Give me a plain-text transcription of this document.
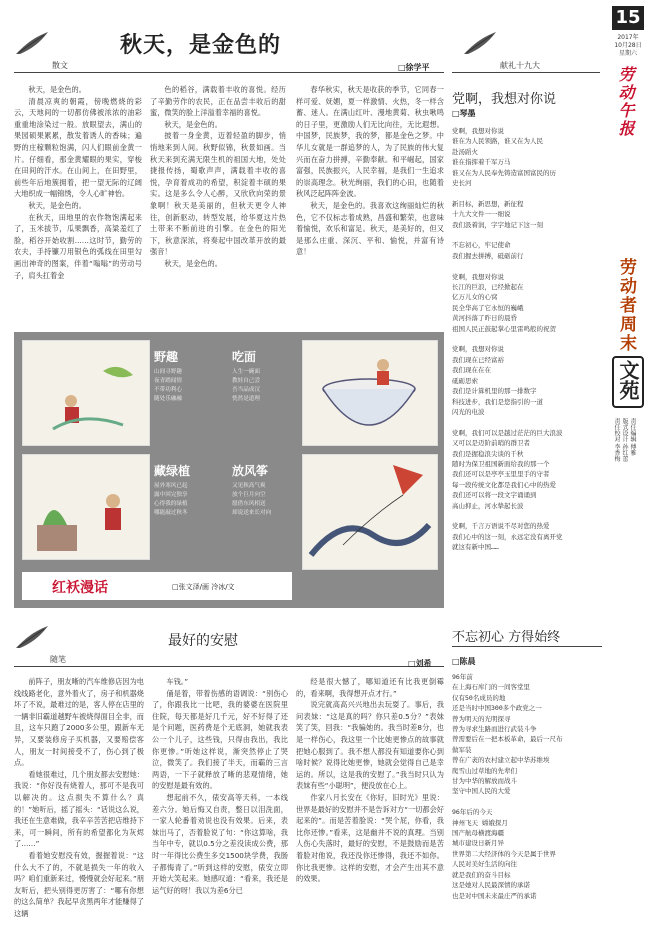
散文
秋天，是金色的
□徐学平	献礼十九大

秋天，是金色的。

清晨凉爽的朝霞，傍晚燃烧的彩云，天地间的一切都仿佛被浓浓的油彩重重地涂染过一般。放眼望去，满山的果园硕果累累，散发着诱人的香味；遍野的庄稼颗粒饱满，闪人们眼前金黄一片。仔细看，那金黄耀眼的果实，穿梭在田间的汗水。在山间上，在田野里，前些年后地簇拥着，把一望无际的辽阔大地织成一幅锦绣，令人心旷神怡。

秋天，是金色的。

在秋天，田地里的农作物饱满起来了，玉米拔节，瓜果飘香，高粱羞红了脸，稻谷开始收割……这时节，勤劳的农夫，手持镰刀用银色的弧线在田里勾画出神奇的图案，伴着“嗡嗡”的劳动号子，肩头扛着金

色的稻谷，满载着丰收的喜悦。经历了辛勤劳作的农民，正在品尝丰收后的甜蜜，微笑的脸上洋溢着幸福的喜悦。

秋天，是金色的。

披着一身金黄，迈着轻盈的脚步，悄悄地来到人间。秋野似锦，秋景如画。当秋天来到充满无限生机的祖国大地，处处捷报传扬，蜀歌声声，满载着丰收的喜悦，孕育着成功的希望，积淀着丰硕的果实。这是多么令人心醉，又欣欣向荣的景象啊！秋天是美丽的，但秋天更令人神往，创新驱动，转型发展，给华夏这片热土带来不断前进的引擎。在金色的阳光下，秋意深浓，将奏起中国改革开放的最强音！

秋天，是金色的。

春华秋实，秋天是收获的季节，它同春一样可爱、妩媚，夏一样激情、火热，冬一样含蓄、迷人。在满山红叶、漫地黄菊、秋虫啾鸣的日子里，更激励人们无比向往，无比遐想。中国梦，民族梦，我的梦，都是金色之梦。中华儿女就是一群追梦的人，为了民族的伟大复兴而在奋力拼搏，辛勤奉献。和平崛起，国家富强，民族振兴，人民幸福，是我们一生追求的崇高理念。秋光绚丽，我们的心田，也随着秋风泛起阵阵金波。

秋天，是金色的。我喜欢这绚丽灿烂的秋色，它不仅标志着成熟，昌盛和繁荣，也意味着愉悦，欢乐和富足。秋天，是美好的，但又是那么庄重、深沉、平和、愉悦，并富有诗意！

党啊，我想对你说
□琴墨
党啊，我想对你说
谁在为人民领路，谁又在为人民
赴汤蹈火
谁在指挥着千军万马
谁又在为人民奉先铸造富国富民的历
史长河
新目标，新思想，新征程
十九大文件一一细说
我们汲着润，字字地记下这一刻
不忘初心，牢记使命
我们握去拼搏，砥砺前行
党啊，我想对你说
长江的巨浪，已经掀起在
亿万儿女的心窝
民全华高了它永恒的巍峨
黄河抖落了昨日的晨昏
祖国人民正鼓起掌心里雷鸣般的祝贺
党啊，我想对你说
我们现在已经富裕
我们现在在在
砥砺思索
我们是计算机里的那一排数字
科技进步，我们是您指引的一道
闪光的电波
党啊，我们可以是越过茫茫的巨大浪波
又可以是迈阶前哨的群卫者
我们是握稳浪尖谈的千秋
随时为保卫祖国新面给我的那一个
我们还可以是亭亭玉里里手的守者
每一段传统文化都是我们心中的热爱
我们还可以将一段文字诵诵到
高山抑止，河水挚起长波
党啊，千言万语说不尽对您的热爱
我们心中的这一刻，永远定没有离开党
就这有新中国……
15
2017年
10月28日
星期六
劳动午报
劳动者周末
文苑
责任编辑 傅雅
版式设计 孙红蕾
责任校对 李香梅
野趣
山间寻野趣
夜青踏闻情
不带功利心
随处乐融融
吃面
人生一碗面
教娃自己尝
吾当品成汉
恍然是道理
藏绿植
屋外寒风已起
露中回完独享
心得我的绿植
哪能敲过秋冬
放风筝
又见秋高气爽
放个巨月向空
愿借东风相送
却说送来长对向
红袄漫话	□张文泽/画 冷冰/文
随笔
最好的安慰
□刘希

前阵子，朋友晰的汽车维修店因为电线线路老化，意外着火了，房子和机器烧坏了不说，最难过的是，客人停在店里的一辆非旧霸道越野车被烧得面目全非，而且，这车只跑了2000多公里，跟新车无异，又要装修房子买机器，又要赔偿客人，朋友一时间接受不了，伤心到了极点。

看她很难过，几个朋友都去安慰她：我说：“你好没有烧着人，那可不是我可以解决的。这点损失不算什么？真的！”她听后，摇了摇头：“话说这么说，我还在生意难做，我辛辛苦苦把店维持下来，可一瞬间，所有的希望都化为灰烬了……”

看着她安慰没有效，握握着说：“这什么大不了的，不就是损失一年的收入吗？咱们重新来过，慢慢就会好起来。”朋友听后，把头别得更厉害了：“哪有你想的这么简单？我起早贪黑两年才能赚得了这辆

车钱。”

俑是着，带着伤感的语调说：“别伤心了，你跟我比一比吧，我的婆婆在医院里住院，每天都是好几千元，好不好得了还是个问题，医药费是个无底洞，她就我表公一个儿子，这些钱，只得由我出，我比你更惨。”听她这样说，渐突然停止了哭泣，微笑了。我们接了半天，而霸的三言两语，一下子就释放了晰的悲观情绪，她的安慰是最有效的。

想起前不久，俵安高等天科，一本线差六分。她后悔又自责，整日以泪洗面，一家人轮番着劝说也没有效果。后来，表妹出马了，否着脸说了句：“你这算啥，我当年中专，就以0.5分之差没读成公费，那时一年得比公费生多交1500块学费，我肠子都悔青了。”听到这样的安慰，俵安立即开始大笑起来。她感叹道：“看来，我还是运气好的呀！我以为差6分已

经是很大憾了，哪知道还有比我更倒霉的，看来啊，我得想开点才行。”

说完就高高兴兴地出去玩耍了。事后，我问表妹：“这是真的吗？你只差0.5分？”表妹笑了笑，回我：“我骗她的。我当时差8分，也是一样伤心，我这里一个比她更惨点的故事就把她心服到了。我不想人都没有知道要你心到啥时候？说得比她更惨，她就会觉得自己是幸运的。所以，这是我的安慰了。”我当时只认为表妹有些“小聪明”，便没放在心上。

作家八月长安在《你好，旧时光》里说：世界是最好的安慰并不是告诉对方“一切都会好起来的”。而是苦着脸说：“哭个屁，你看，我比你还惨。”看来，这是幽并不说的真理。当别人伤心失落时，最好的安慰，不是鼓励而是苦着脸对他说，我还没你还惨得，我还不如你。你比我更惨。这样的安慰，才会产生出其不意的效果。

不忘初心 方得始终
□陈晨
96年前
在上海石库门的一间客堂里
仅有50名成员的地
还是当时中国300多个政党之一
曾为明天的光明探寻
曾为寻求生路而进行武装斗争
曾需要后在一把本板革命，最后一尺布
做军装
曾在广袤的农村建立起中华苏维埃
爬雪山过草地的先辈们
甘为中华的解放而战斗
坚守中国人民的大爱
96年后的今天
神州飞天 嫦娥探月
国产航母横渡海疆
城市建设日新月异
世界第二大经济体的今天是属于世界
人民对美好生活的向往
就是我们的奋斗目标
这是她对人民最深情的承诺
也是对中国未来最庄严的承诺
